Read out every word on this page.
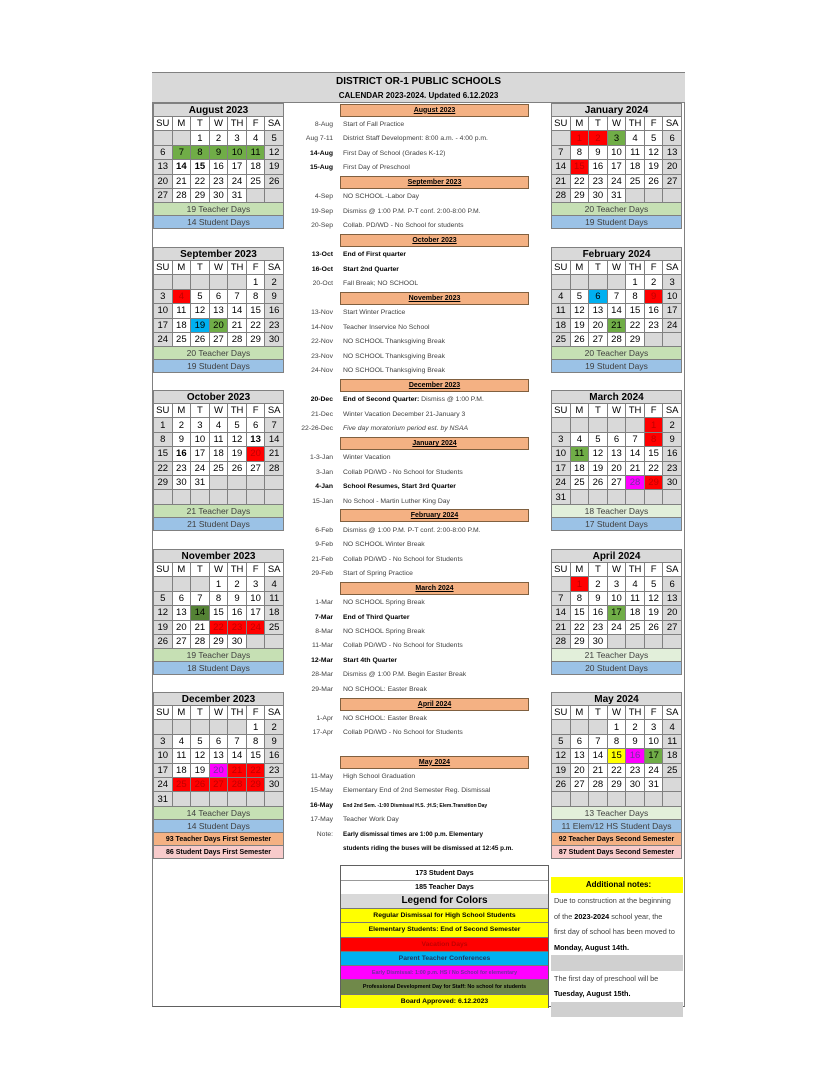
DISTRICT OR-1 PUBLIC SCHOOLS
CALENDAR 2023-2024. Updated 6.12.2023
August 2023
8-Aug Start of Fall Practice
Aug 7-11 District Staff Development: 8:00 a.m. - 4:00 p.m.
14-Aug First Day of School (Grades K-12)
15-Aug First Day of Preschool
September 2023
4-Sep NO SCHOOL -Labor Day
19-Sep Dismiss @ 1:00 P.M. P-T conf. 2:00-8:00 P.M.
20-Sep Collab. PD/WD - No School for students
October 2023
13-Oct End of First quarter
16-Oct Start 2nd Quarter
20-Oct Fall Break; NO SCHOOL
November 2023
13-Nov Start Winter Practice
14-Nov Teacher Inservice No School
22-Nov NO SCHOOL Thanksgiving Break
23-Nov NO SCHOOL Thanksgiving Break
24-Nov NO SCHOOL Thanksgiving Break
December 2023
20-Dec End of Second Quarter: Dismiss @ 1:00 P.M.
21-Dec Winter Vacation December 21-January 3
22-26-Dec Five day moratorium period est. by NSAA
January 2024
1-3-Jan Winter Vacation
3-Jan Collab PD/WD - No School for Students
4-Jan School Resumes, Start 3rd Quarter
15-Jan No School - Martin Luther King Day
February 2024
6-Feb Dismiss @ 1:00 P.M. P-T conf. 2:00-8:00 P.M.
9-Feb NO SCHOOL Winter Break
21-Feb Collab PD/WD - No School for Students
29-Feb Start of Spring Practice
March 2024
1-Mar NO SCHOOL Spring Break
7-Mar End of Third Quarter
8-Mar NO SCHOOL Spring Break
11-Mar Collab PD/WD - No School for Students
12-Mar Start 4th Quarter
28-Mar Dismiss @ 1:00 P.M. Begin Easter Break
29-Mar NO SCHOOL: Easter Break
April 2024
1-Apr NO SCHOOL: Easter Break
17-Apr Collab PD/WD - No School for Students
May 2024
11-May High School Graduation
15-May Elementary End of 2nd Semester Reg. Dismissal
16-May End 2nd Sem. -1:00 Dismissal H.S. ;H.S; Elem.Transition Day
17-May Teacher Work Day
Note: Early dismissal times are 1:00 p.m. Elementary
students riding the buses will be dismissed at 12:45 p.m.
173 Student Days
185 Teacher Days
Legend for Colors
Regular Dismissal for High School Students
Elementary Students: End of Second Semester
Vacation Days
Parent Teacher Conferences
Early Dismissal: 1:00 p.m. HS / No School for elementary
Professional Development Day for Staff: No school for students
Board Approved: 6.12.2023
Additional notes:
Due to construction at the beginning
of the 2023-2024 school year, the
first day of school has been moved to
Monday, August 14th.
The first day of preschool will be
Tuesday, August 15th.
August 2023
SU	M	T	W	TH	F	SA
		1	2	3	4	5
6	7	8	9	10	11	12
13	14	15	16	17	18	19
20	21	22	23	24	25	26
27	28	29	30	31		
19 Teacher Days
14 Student Days
September 2023
SU	M	T	W	TH	F	SA
					1	2
3	4	5	6	7	8	9
10	11	12	13	14	15	16
17	18	19	20	21	22	23
24	25	26	27	28	29	30
20 Teacher Days
19 Student Days
October 2023
SU	M	T	W	TH	F	SA
1	2	3	4	5	6	7
8	9	10	11	12	13	14
15	16	17	18	19	20	21
22	23	24	25	26	27	28
29	30	31				

21 Teacher Days
21 Student Days
November 2023
SU	M	T	W	TH	F	SA
			1	2	3	4
5	6	7	8	9	10	11
12	13	14	15	16	17	18
19	20	21	22	23	24	25
26	27	28	29	30		
19 Teacher Days
18 Student Days
December 2023
SU	M	T	W	TH	F	SA
					1	2
3	4	5	6	7	8	9
10	11	12	13	14	15	16
17	18	19	20	21	22	23
24	25	26	27	28	29	30
31						
14 Teacher Days
14 Student Days
93 Teacher Days First Semester
86 Student Days First Semester
January 2024
SU	M	T	W	TH	F	SA
	1	2	3	4	5	6
7	8	9	10	11	12	13
14	15	16	17	18	19	20
21	22	23	24	25	26	27
28	29	30	31			
20 Teacher Days
19 Student Days
February 2024
SU	M	T	W	TH	F	SA
				1	2	3
4	5	6	7	8	9	10
11	12	13	14	15	16	17
18	19	20	21	22	23	24
25	26	27	28	29		
20 Teacher Days
19 Student Days
March 2024
SU	M	T	W	TH	F	SA
					1	2
3	4	5	6	7	8	9
10	11	12	13	14	15	16
17	18	19	20	21	22	23
24	25	26	27	28	29	30
31						
18 Teacher Days
17 Student Days
April 2024
SU	M	T	W	TH	F	SA
	1	2	3	4	5	6
7	8	9	10	11	12	13
14	15	16	17	18	19	20
21	22	23	24	25	26	27
28	29	30				
21 Teacher Days
20 Student Days
May 2024
SU	M	T	W	TH	F	SA
			1	2	3	4
5	6	7	8	9	10	11
12	13	14	15	16	17	18
19	20	21	22	23	24	25
26	27	28	29	30	31	

13 Teacher Days
11 Elem/12 HS Student Days
92 Teacher Days Second Semester
87 Student Days Second Semester
